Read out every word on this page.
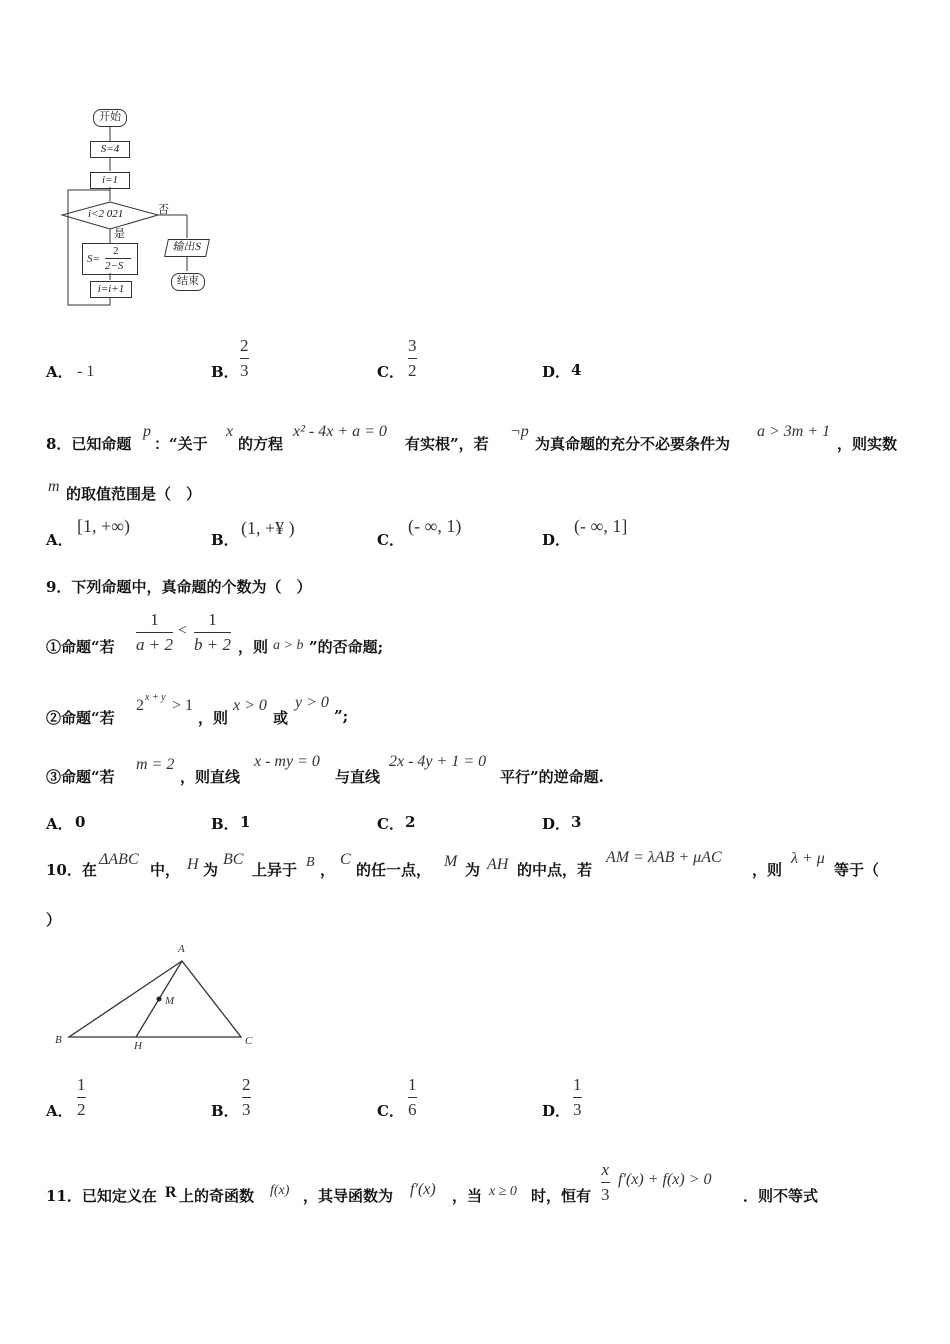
开始
S=4
i=1
i<2 021	否
是
S=
2
2−S
输出S
结束
i=i+1
A． - 1	B．
2
3	C．
3
2	D． 4
8．已知命题
p
：“关于
x
的方程
x² - 4x + a = 0
有实根”，若
¬p
为真命题的充分不必要条件为
a > 3m + 1
，则实数
m 的取值范围是（　）
A．
[1, +∞)
B．
(1, +¥ )
C．
(- ∞, 1)
D．
(- ∞, 1]
9．下列命题中，真命题的个数为（　）
①命题“若
1
a + 2
<
1
b + 2 ，则 a > b ”的否命题;
②命题“若
2 x + y > 1
，则
x > 0
或
y > 0
”;
③命题“若
m = 2
，则直线
x - my = 0
与直线
2x - 4y + 1 = 0
平行”的逆命题.
A． 0	B． 1	C． 2	D． 3
10．在
ΔABC
中， H 为
BC
上异于 B ，
C
的任一点， M 为 AH 的中点，若
AM = λAB + μAC
，则
λ + μ
等于（
）
A
B	C
H
M
A．
1
2	B．
2
3	C．
1
6	D．
1
3
11．已知定义在 R 上的奇函数 f(x) ，其导函数为 f′(x) ，当 x ≥ 0 时，恒有
x
3
f′(x) + f(x) > 0
．则不等式
